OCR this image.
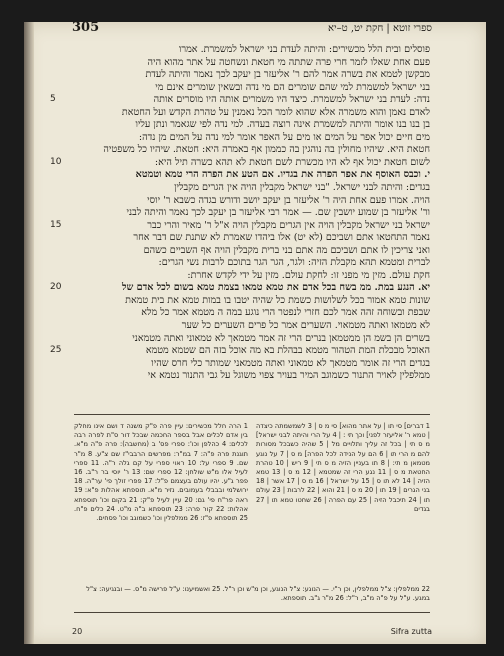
305	ספרי זוטא | חקת יט, ט–יא

פוסלים ובית הלל מכשירים: והיתה לעדת בני ישראל למשמרת. אמרו

פעם אחת שאלו לזמר חרי פרה שתתה מי חטאת ונשחטה על אתר מהוא היה

מבקשן לטמא את בשרה אמר להם ר' אליעזר בן יעקב לכך נאמר והיתה לעדת

בני ישראל למשמרת למי שהם שומרים הם מי נדה ובשאין שומרים אינם מי

נדה: לעדת בני ישראל למשמרת. כיצד היו משמרים אותה היו מוסרים אותה

לאדם נאמן והוא משמרה אלא שהוא לומר הכל נאמנין על טהרת הקדש ועל החטאת

בן בנו בנו אומר והיתה למשמרת אינה רוצה בעדה. למי נדה לפי שגאמר ונתן עליו

מים חיים יכול אפר על המים או מים על האפר אומר למי נדה על המים מן נדה:

חטאת היא. שיהיו מחולין בה נוהגין בה כממון אף באמרה היא: חטאת. שיהיו כל משפטיה

לשום חטאת יכול אף לא היו מכשרת לשם חטאת לא תהא כשרה תיל היא:

י. וכבס האוסף את אפר הפרה את בגדיו. אם הטע את הפרה הרי טמא וטמטא

בגדים: והיתה לבני ישראל. "בני ישראל מקבלין הויה אין הגרים מקבלין

הויה. אמרו פעם אחת היה ר' אליעזר בן יעקב יושב ודורש בגדה כשבא ר' יוסי

ור' אליעזר בן שמוע יושבין שם. — אמר רבי אליעזר בן יעקב לכך נאמר והיתה לבני

ישראל בני ישראל מקבלין הויה אין הגרים מקבלין הויה א"ל ר' מאיר והרי כבר

נאמר התחטאו אתם ושביכם (לא יט) אלו ביהדו שאמרת לא שתנת שם דבר אחר

ואני צריכין לו אתם ושביכם מה אתם בני ברית מקבלין הויה אף השביים כשהם

לברית ומטמא תהא מקבלת הזיה: ולגר, הגר הגר בתוכם לרבות נשי הגרים:

חקת עולם. מזין מי מפני זו: לחקת עולם. מזין על ידי לקדש אחרת:

יא. הנגע במת. ממ בשח בכל אדם את טמא טמאו בצמת טמא בשום לכל אדם של

שונות טמא אמור בכל לשלושות כשמת כל שהיה יטבו בו במות טמא את בית טמאת

שבפת ובשוחה זהה אמר לכם חזרי לנפטר הרי נוגע במה ה מטמא אמר כל מלא

לא מטמאו ואתה מטמאוי. השערים אמר כל פרים השערים כל שער

בשרים הן בשמ הן ממטמאן בנרים הרי זה אמר מטמאך לא טמאוני ואתה מטמאני

האוכל מבכלת המת הטהור מטמא בבהלת בא מה אוכל בזה הם שטמא מטמא

בגדים הרי זה אומר מטמאך לא טמאוני ואתה מטמאני שמותר כלי חרס שהיו

ממלפלין לאויר התנור כשמוגב המיר בעויר צפוי משוגל על גבי התנור נטמא אי

5
10
15
20
25
1 דברים] סי תו | על אתר מהוא] סי מ ס | 3 לשמשמתה כיצדה | טמא ר' אליעזר לפני] וכך תי : | 4 על הרי והיתה לבני ישראל] מ ס תי | בכל זה עליך ותלויים מל | 5 שהיה כשבכל מסורות להם מ הרי תו | 6 הם על הנידה לכל הפרה] מ ס | 7 על נוגע מטמאן מ תי: | 8 תו בעניין הזיה מ ס תי | 9 ריש | 10 טהרת החטאת מ ס | 11 נגע הרי זה שמטמא | 12 מ ס | 13 טמא הזיה | 14 לא תו ס | 15 על ישראל | 16 מ ס | 17 אשר | 18 בני הגרים | 19 תו | 20 מ ס | 21 והוא | 22 לרבות | 23 עולם תו | 24 תיכבל הזיה | 25 עם הפרה | 26 שחטו טמא תו | 27 בגדים
1 הרה חלל מכשירים: עיין פרה פ"ק משנה ד ושם אינו מחלק בין אדם לכלים אבל בספר החכמה שבכל דור ס"ת לפרה רבה לכלים: 4 כהלפן וכו': ספרי פס' ב (מחשבה): פרה פ"ה מ"א. תוגנת פרה פ"ה: 7 במ"ר: מפרשים הרבבי"ז שם צ"ע. 8 מ"ר שם. 9 ספרי על: 10 ראוי ספרי על קם גלה ר"ה. 11 ספרי לעיל אלו מ"ש שולחן: 12 ספרי שם: 13 ר' יוסי בר ר"ב. 16 פפר ג"ע. יהיו עולם בעצמם פ"ל: 17 פפרי זולך פי' ער"ה. 18 ירושלמי ובבבלי בעמובים. נזיר מ"א. תוספתא אהלות פ"א: 19 ראה פר"ח פי' גם: 20 עיין לעיל פ"ק: 21 בקום וכו' תוספתא אהלות: 22 קור פרה: 23 תוספתא ב"ה מ"ט. 24 כלים פ"ח. 25 תוספתא פ"ז: 26 ממלפלין וכו' כשמוגב וכו' פסחים.
22 ממלפלין: צ"ל ממלפלין, וכן ר"י. — הנוגע: צ"ל הנוגע, וכן מ"ש וכן ר"ל. 25 ואשמיענו: ע"ל פרישה מ"ס. — ובנגיעה: צ"ל במגע. ע"ל על פ"ה מ"ב, ר"ל: 26 מ"ר ג"ב. תוספתא.
20	Sifra zutta
